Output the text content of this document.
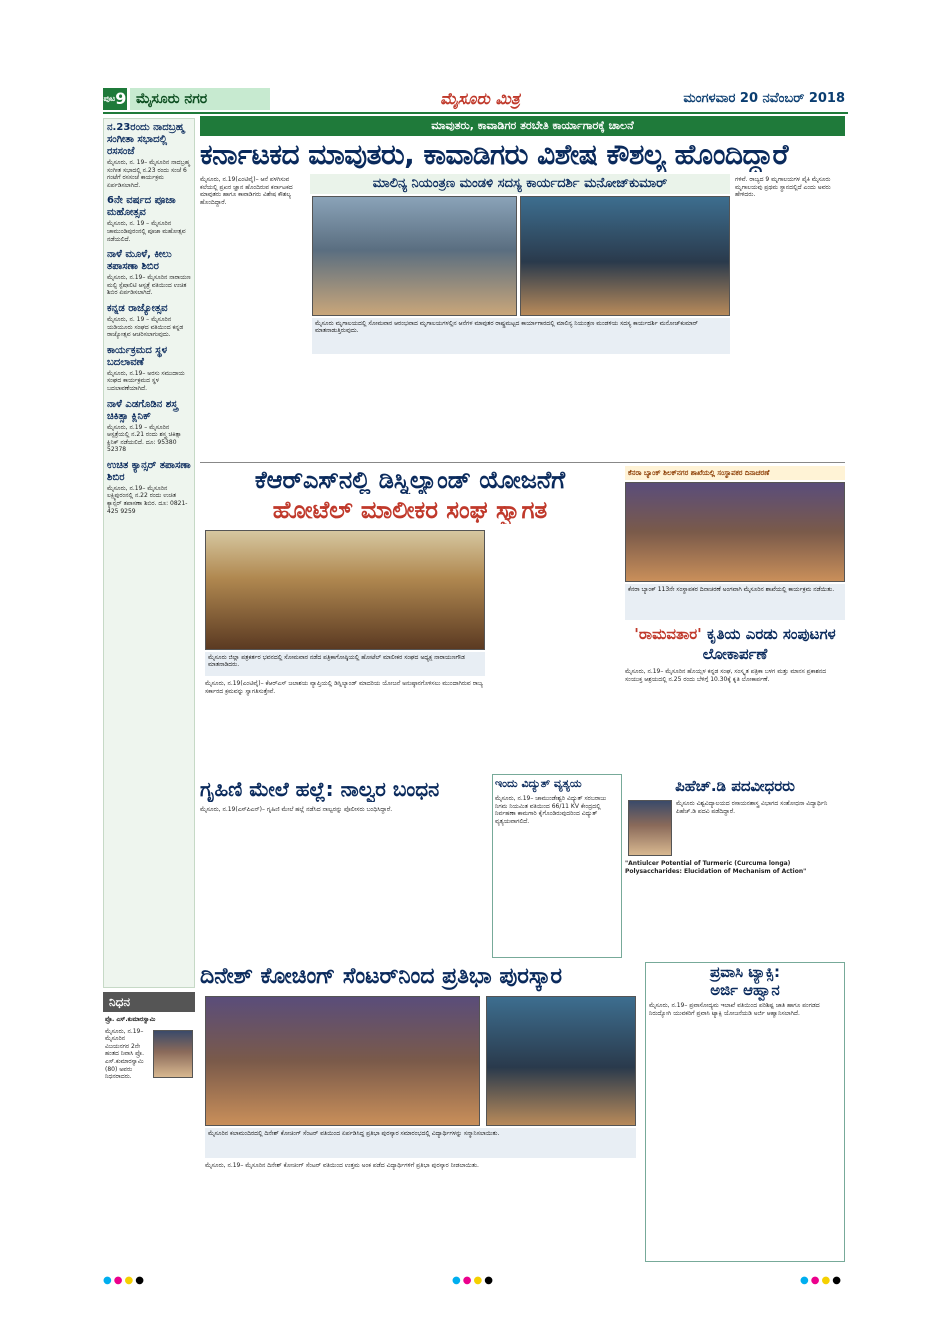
$^{ಪುಟ}$9 ಮೈಸೂರು ನಗರ	ಮೈಸೂರು ಮಿತ್ರ	ಮಂಗಳವಾರ 20 ನವೆಂಬರ್ 2018
ನ.23ರಂದು ನಾದಬ್ರಹ್ಮ ಸಂಗೀತಾ ಸಭಾದಲ್ಲಿ ರಸಸಂಜೆ
ಮೈಸೂರು, ನ. 19– ಮೈಸೂರಿನ ನಾದಬ್ರಹ್ಮ ಸಂಗೀತ ಸಭಾದಲ್ಲಿ ನ.23 ರಂದು ಸಂಜೆ 6 ಗಂಟೆಗೆ ರಸಸಂಜೆ ಕಾರ್ಯಕ್ರಮ ಏರ್ಪಡಿಸಲಾಗಿದೆ.
6ನೇ ವರ್ಷದ ಪೂಜಾ ಮಹೋತ್ಸವ
ಮೈಸೂರು, ನ. 19 – ಮೈಸೂರಿನ ಚಾಮುಂಡಿಪುರಂನಲ್ಲಿ ಪೂಜಾ ಮಹೋತ್ಸವ ನಡೆಯಲಿದೆ.
ನಾಳೆ ಮೂಳೆ, ಕೀಲು ತಪಾಸಣಾ ಶಿಬಿರ
ಮೈಸೂರು, ನ.19– ಮೈಸೂರಿನ ನಾರಾಯಣ ಮಲ್ಟಿ ಸ್ಪೆಷಾಲಿಟಿ ಆಸ್ಪತ್ರೆ ವತಿಯಿಂದ ಉಚಿತ ಶಿಬಿರ ಏರ್ಪಡಿಸಲಾಗಿದೆ.
ಕನ್ನಡ ರಾಜ್ಯೋತ್ಸವ
ಮೈಸೂರು, ನ. 19 – ಮೈಸೂರಿನ ಯಡಿಯೂರು ಸಂಘದ ವತಿಯಿಂದ ಕನ್ನಡ ರಾಜ್ಯೋತ್ಸವ ಆಚರಿಸಲಾಗುವುದು.
ಕಾರ್ಯಕ್ರಮದ ಸ್ಥಳ ಬದಲಾವಣೆ
ಮೈಸೂರು, ನ.19– ಅರಸು ಸಮುದಾಯ ಸಂಘದ ಕಾರ್ಯಕ್ರಮದ ಸ್ಥಳ ಬದಲಾವಣೆಯಾಗಿದೆ.
ನಾಳೆ ಎಡಗೊಡಿನ ಶಸ್ತ್ರ ಚಿಕಿತ್ಸಾ ಕ್ಲಿನಿಕ್
ಮೈಸೂರು, ನ.19 – ಮೈಸೂರಿನ ಆಸ್ಪತ್ರೆಯಲ್ಲಿ ನ.21 ರಂದು ಶಸ್ತ್ರ ಚಿಕಿತ್ಸಾ ಕ್ಲಿನಿಕ್ ನಡೆಯಲಿದೆ. ದೂ: 95380 52378
ಉಚಿತ ಕ್ಯಾನ್ಸರ್ ತಪಾಸಣಾ ಶಿಬಿರ
ಮೈಸೂರು, ನ.19– ಮೈಸೂರಿನ ಲಕ್ಷ್ಮಿಪುರಂನಲ್ಲಿ ನ.22 ರಂದು ಉಚಿತ ಕ್ಯಾನ್ಸರ್ ತಪಾಸಣಾ ಶಿಬಿರ. ದೂ: 0821-425 9259
ನಿಧನ
ಪ್ರೊ. ಎಸ್.ಕುಮಾರಸ್ವಾಮಿ
ಮೈಸೂರು, ನ.19– ಮೈಸೂರಿನ ವಿಜಯನಗರ 2ನೇ ಹಂತದ ನಿವಾಸಿ ಪ್ರೊ. ಎಸ್.ಕುಮಾರಸ್ವಾಮಿ (80) ಅವರು ನಿಧನರಾದರು.
ಮಾವುತರು, ಕಾವಾಡಿಗರ ತರಬೇತಿ ಕಾರ್ಯಾಗಾರಕ್ಕೆ ಚಾಲನೆ
ಕರ್ನಾಟಕದ ಮಾವುತರು, ಕಾವಾಡಿಗರು ವಿಶೇಷ ಕೌಶಲ್ಯ ಹೊಂದಿದ್ದಾರೆ
ಮಾಲಿನ್ಯ ನಿಯಂತ್ರಣ ಮಂಡಳಿ ಸದಸ್ಯ ಕಾರ್ಯದರ್ಶಿ ಮನೋಜ್‌ಕುಮಾರ್
ಮೈಸೂರು ಮೃಗಾಲಯದಲ್ಲಿ ಸೋಮವಾರ ಆರಂಭವಾದ ಮೃಗಾಲಯಗಳಲ್ಲಿನ ಆನೆಗಳ ಮಾವುತರ ರಾಷ್ಟ್ರಮಟ್ಟದ ಕಾರ್ಯಾಗಾರದಲ್ಲಿ ಮಾಲಿನ್ಯ ನಿಯಂತ್ರಣ ಮಂಡಳಿಯ ಸದಸ್ಯ ಕಾರ್ಯದರ್ಶಿ ಮನೋಜ್‌ಕುಮಾರ್ ಮಾತನಾಡುತ್ತಿರುವುದು.
ಮೈಸೂರು, ನ.19(ಎಂಟಿವೈ)– ಆನೆ ಪಳಗಿಸುವ ಕಲೆಯಲ್ಲಿ ಪ್ರಖರ ಜ್ಞಾನ ಹೊಂದಿರುವ ಕರ್ನಾಟಕದ ಮಾವುತರು ಹಾಗೂ ಕಾವಾಡಿಗರು ವಿಶೇಷ ಕೌಶಲ್ಯ ಹೊಂದಿದ್ದಾರೆ.
ಗಳಿವೆ. ರಾಜ್ಯದ 9 ಮೃಗಾಲಯಗಳ ಪೈಕಿ ಮೈಸೂರು ಮೃಗಾಲಯವು ಪ್ರಥಮ ಸ್ಥಾನದಲ್ಲಿದೆ ಎಂದು ಅವರು ಹೇಳಿದರು.
ಕೆಆರ್‌ಎಸ್‌ನಲ್ಲಿ ಡಿಸ್ನಿಲ್ಯಾಂಡ್ ಯೋಜನೆಗೆ
ಹೋಟೆಲ್ ಮಾಲೀಕರ ಸಂಘ ಸ್ವಾಗತ
ಮೈಸೂರು ಜಿಲ್ಲಾ ಪತ್ರಕರ್ತರ ಭವನದಲ್ಲಿ ಸೋಮವಾರ ನಡೆದ ಪತ್ರಿಕಾಗೋಷ್ಠಿಯಲ್ಲಿ ಹೋಟೆಲ್ ಮಾಲೀಕರ ಸಂಘದ ಅಧ್ಯಕ್ಷ ನಾರಾಯಣಗೌಡ ಮಾತನಾಡಿದರು.
ಮೈಸೂರು, ನ.19(ಎಂಟಿವೈ)– ಕೆಆರ್‌ಎಸ್ ಜಲಾಶಯ ವ್ಯಾಪ್ತಿಯಲ್ಲಿ ಡಿಸ್ನಿಲ್ಯಾಂಡ್ ಮಾದರಿಯ ಯೋಜನೆ ಅನುಷ್ಠಾನಗೊಳಿಸಲು ಮುಂದಾಗಿರುವ ರಾಜ್ಯ ಸರ್ಕಾರದ ಕ್ರಮವನ್ನು ಸ್ವಾಗತಿಸುತ್ತೇವೆ.
ಕೆನರಾ ಬ್ಯಾಂಕ್ ಶಿಲಕ್‌ನಗರ ಶಾಖೆಯಲ್ಲಿ ಸಂಸ್ಥಾಪಕರ ದಿನಾಚರಣೆ
ಕೆನರಾ ಬ್ಯಾಂಕ್ 113ನೇ ಸಂಸ್ಥಾಪಕರ ದಿನಾಚರಣೆ ಅಂಗವಾಗಿ ಮೈಸೂರಿನ ಶಾಖೆಯಲ್ಲಿ ಕಾರ್ಯಕ್ರಮ ನಡೆಯಿತು.
'ರಾಮವತಾರ' ಕೃತಿಯ ಎರಡು ಸಂಪುಟಗಳ ಲೋಕಾರ್ಪಣೆ
ಮೈಸೂರು, ನ.19– ಮೈಸೂರಿನ ಹೊಯ್ಸಳ ಕನ್ನಡ ಸಂಘ, ಸಂಸ್ಕೃತ ಪತ್ರಿಕಾ ಬಳಗ ಮತ್ತು ಮಾನಸ ಪ್ರಕಾಶನದ ಸಂಯುಕ್ತ ಆಶ್ರಯದಲ್ಲಿ ನ.25 ರಂದು ಬೆಳಿಗ್ಗೆ 10.30ಕ್ಕೆ ಕೃತಿ ಲೋಕಾರ್ಪಣೆ.
ಗೃಹಿಣಿ ಮೇಲೆ ಹಲ್ಲೆ: ನಾಲ್ವರ ಬಂಧನ
ಮೈಸೂರು, ನ.19(ಎಸ್‌ಪಿಎನ್)– ಗೃಹಿಣಿ ಮೇಲೆ ಹಲ್ಲೆ ನಡೆಸಿದ ನಾಲ್ವರನ್ನು ಪೊಲೀಸರು ಬಂಧಿಸಿದ್ದಾರೆ.
ಇಂದು ವಿದ್ಯುತ್ ವ್ಯತ್ಯಯ
ಮೈಸೂರು, ನ.19– ಚಾಮುಂಡೇಶ್ವರಿ ವಿದ್ಯುತ್ ಸರಬರಾಜು ನಿಗಮ ನಿಯಮಿತ ವತಿಯಿಂದ 66/11 KV ಕೇಂದ್ರದಲ್ಲಿ ನಿರ್ವಹಣಾ ಕಾಮಗಾರಿ ಕೈಗೊಂಡಿರುವುದರಿಂದ ವಿದ್ಯುತ್ ವ್ಯತ್ಯಯವಾಗಲಿದೆ.
ಪಿಹೆಚ್.ಡಿ ಪದವೀಧರರು
ಮೈಸೂರು ವಿಶ್ವವಿದ್ಯಾಲಯದ ರಸಾಯನಶಾಸ್ತ್ರ ವಿಭಾಗದ ಸಂಶೋಧನಾ ವಿದ್ಯಾರ್ಥಿನಿ ಪಿಹೆಚ್.ಡಿ ಪದವಿ ಪಡೆದಿದ್ದಾರೆ.
"Antiulcer Potential of Turmeric (Curcuma longa) Polysaccharides: Elucidation of Mechanism of Action"
ದಿನೇಶ್ ಕೋಚಿಂಗ್ ಸೆಂಟರ್‌ನಿಂದ ಪ್ರತಿಭಾ ಪುರಸ್ಕಾರ
ಮೈಸೂರಿನ ಕಲಾಮಂದಿರದಲ್ಲಿ ದಿನೇಶ್ ಕೋಚಿಂಗ್ ಸೆಂಟರ್ ವತಿಯಿಂದ ಏರ್ಪಡಿಸಿದ್ದ ಪ್ರತಿಭಾ ಪುರಸ್ಕಾರ ಸಮಾರಂಭದಲ್ಲಿ ವಿದ್ಯಾರ್ಥಿಗಳನ್ನು ಸನ್ಮಾನಿಸಲಾಯಿತು.
ಮೈಸೂರು, ನ.19– ಮೈಸೂರಿನ ದಿನೇಶ್ ಕೋಚಿಂಗ್ ಸೆಂಟರ್ ವತಿಯಿಂದ ಉತ್ತಮ ಅಂಕ ಪಡೆದ ವಿದ್ಯಾರ್ಥಿಗಳಿಗೆ ಪ್ರತಿಭಾ ಪುರಸ್ಕಾರ ನೀಡಲಾಯಿತು.
ಪ್ರವಾಸಿ ಟ್ಯಾಕ್ಸಿ:
ಅರ್ಜಿ ಆಹ್ವಾನ
ಮೈಸೂರು, ನ.19– ಪ್ರವಾಸೋದ್ಯಮ ಇಲಾಖೆ ವತಿಯಿಂದ ಪರಿಶಿಷ್ಟ ಜಾತಿ ಹಾಗೂ ಪಂಗಡದ ನಿರುದ್ಯೋಗಿ ಯುವಕರಿಗೆ ಪ್ರವಾಸಿ ಟ್ಯಾಕ್ಸಿ ಯೋಜನೆಯಡಿ ಅರ್ಜಿ ಆಹ್ವಾನಿಸಲಾಗಿದೆ.
●●●●	●●●●	●●●●
